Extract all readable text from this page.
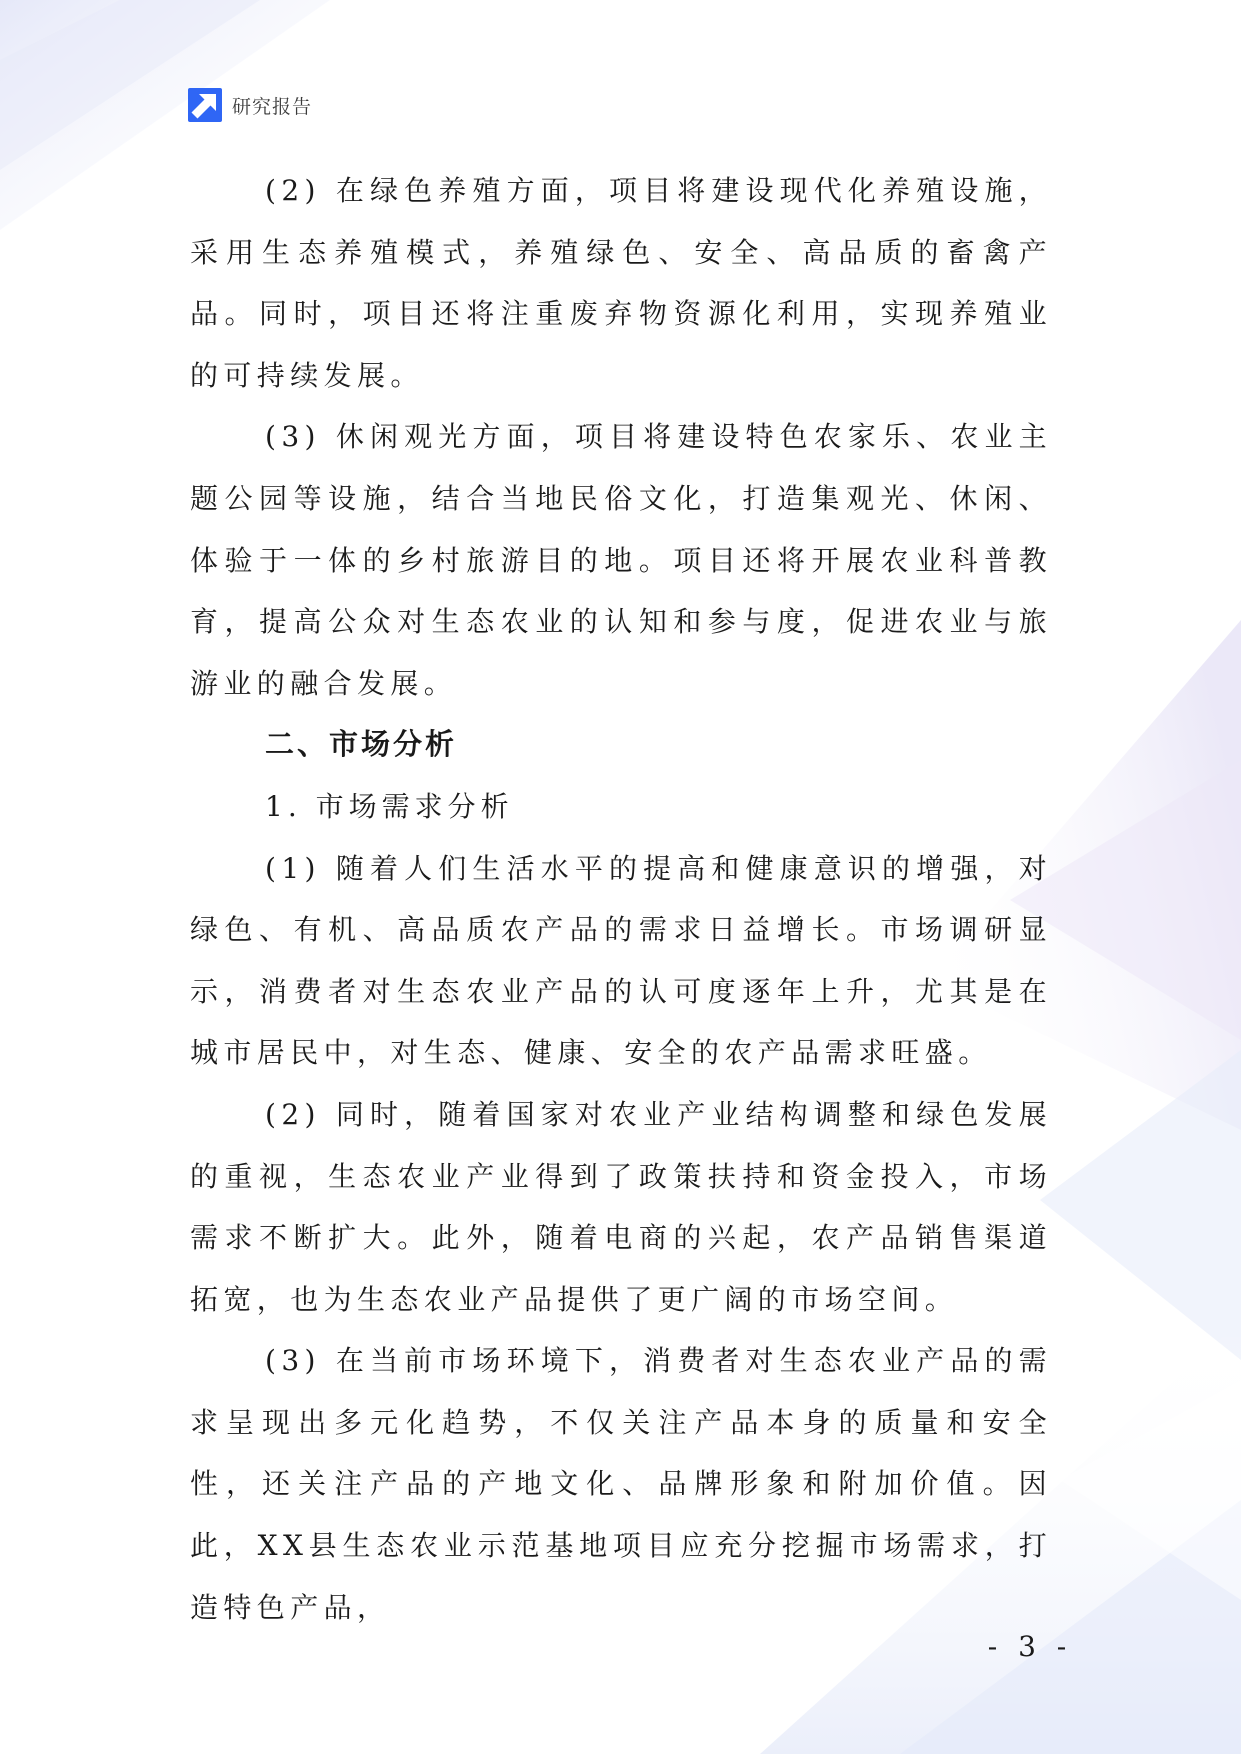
研究报告

(2) 在绿色养殖方面，项目将建设现代化养殖设施，采用生态养殖模式，养殖绿色、安全、高品质的畜禽产品。同时，项目还将注重废弃物资源化利用，实现养殖业的可持续发展。

(3) 休闲观光方面，项目将建设特色农家乐、农业主题公园等设施，结合当地民俗文化，打造集观光、休闲、体验于一体的乡村旅游目的地。项目还将开展农业科普教育，提高公众对生态农业的认知和参与度，促进农业与旅游业的融合发展。

二、市场分析

1. 市场需求分析

(1) 随着人们生活水平的提高和健康意识的增强，对绿色、有机、高品质农产品的需求日益增长。市场调研显示，消费者对生态农业产品的认可度逐年上升，尤其是在城市居民中，对生态、健康、安全的农产品需求旺盛。

(2) 同时，随着国家对农业产业结构调整和绿色发展的重视，生态农业产业得到了政策扶持和资金投入，市场需求不断扩大。此外，随着电商的兴起，农产品销售渠道拓宽，也为生态农业产品提供了更广阔的市场空间。

(3) 在当前市场环境下，消费者对生态农业产品的需求呈现出多元化趋势，不仅关注产品本身的质量和安全性，还关注产品的产地文化、品牌形象和附加价值。因此，XX县生态农业示范基地项目应充分挖掘市场需求，打造特色产品，

- 3 -
